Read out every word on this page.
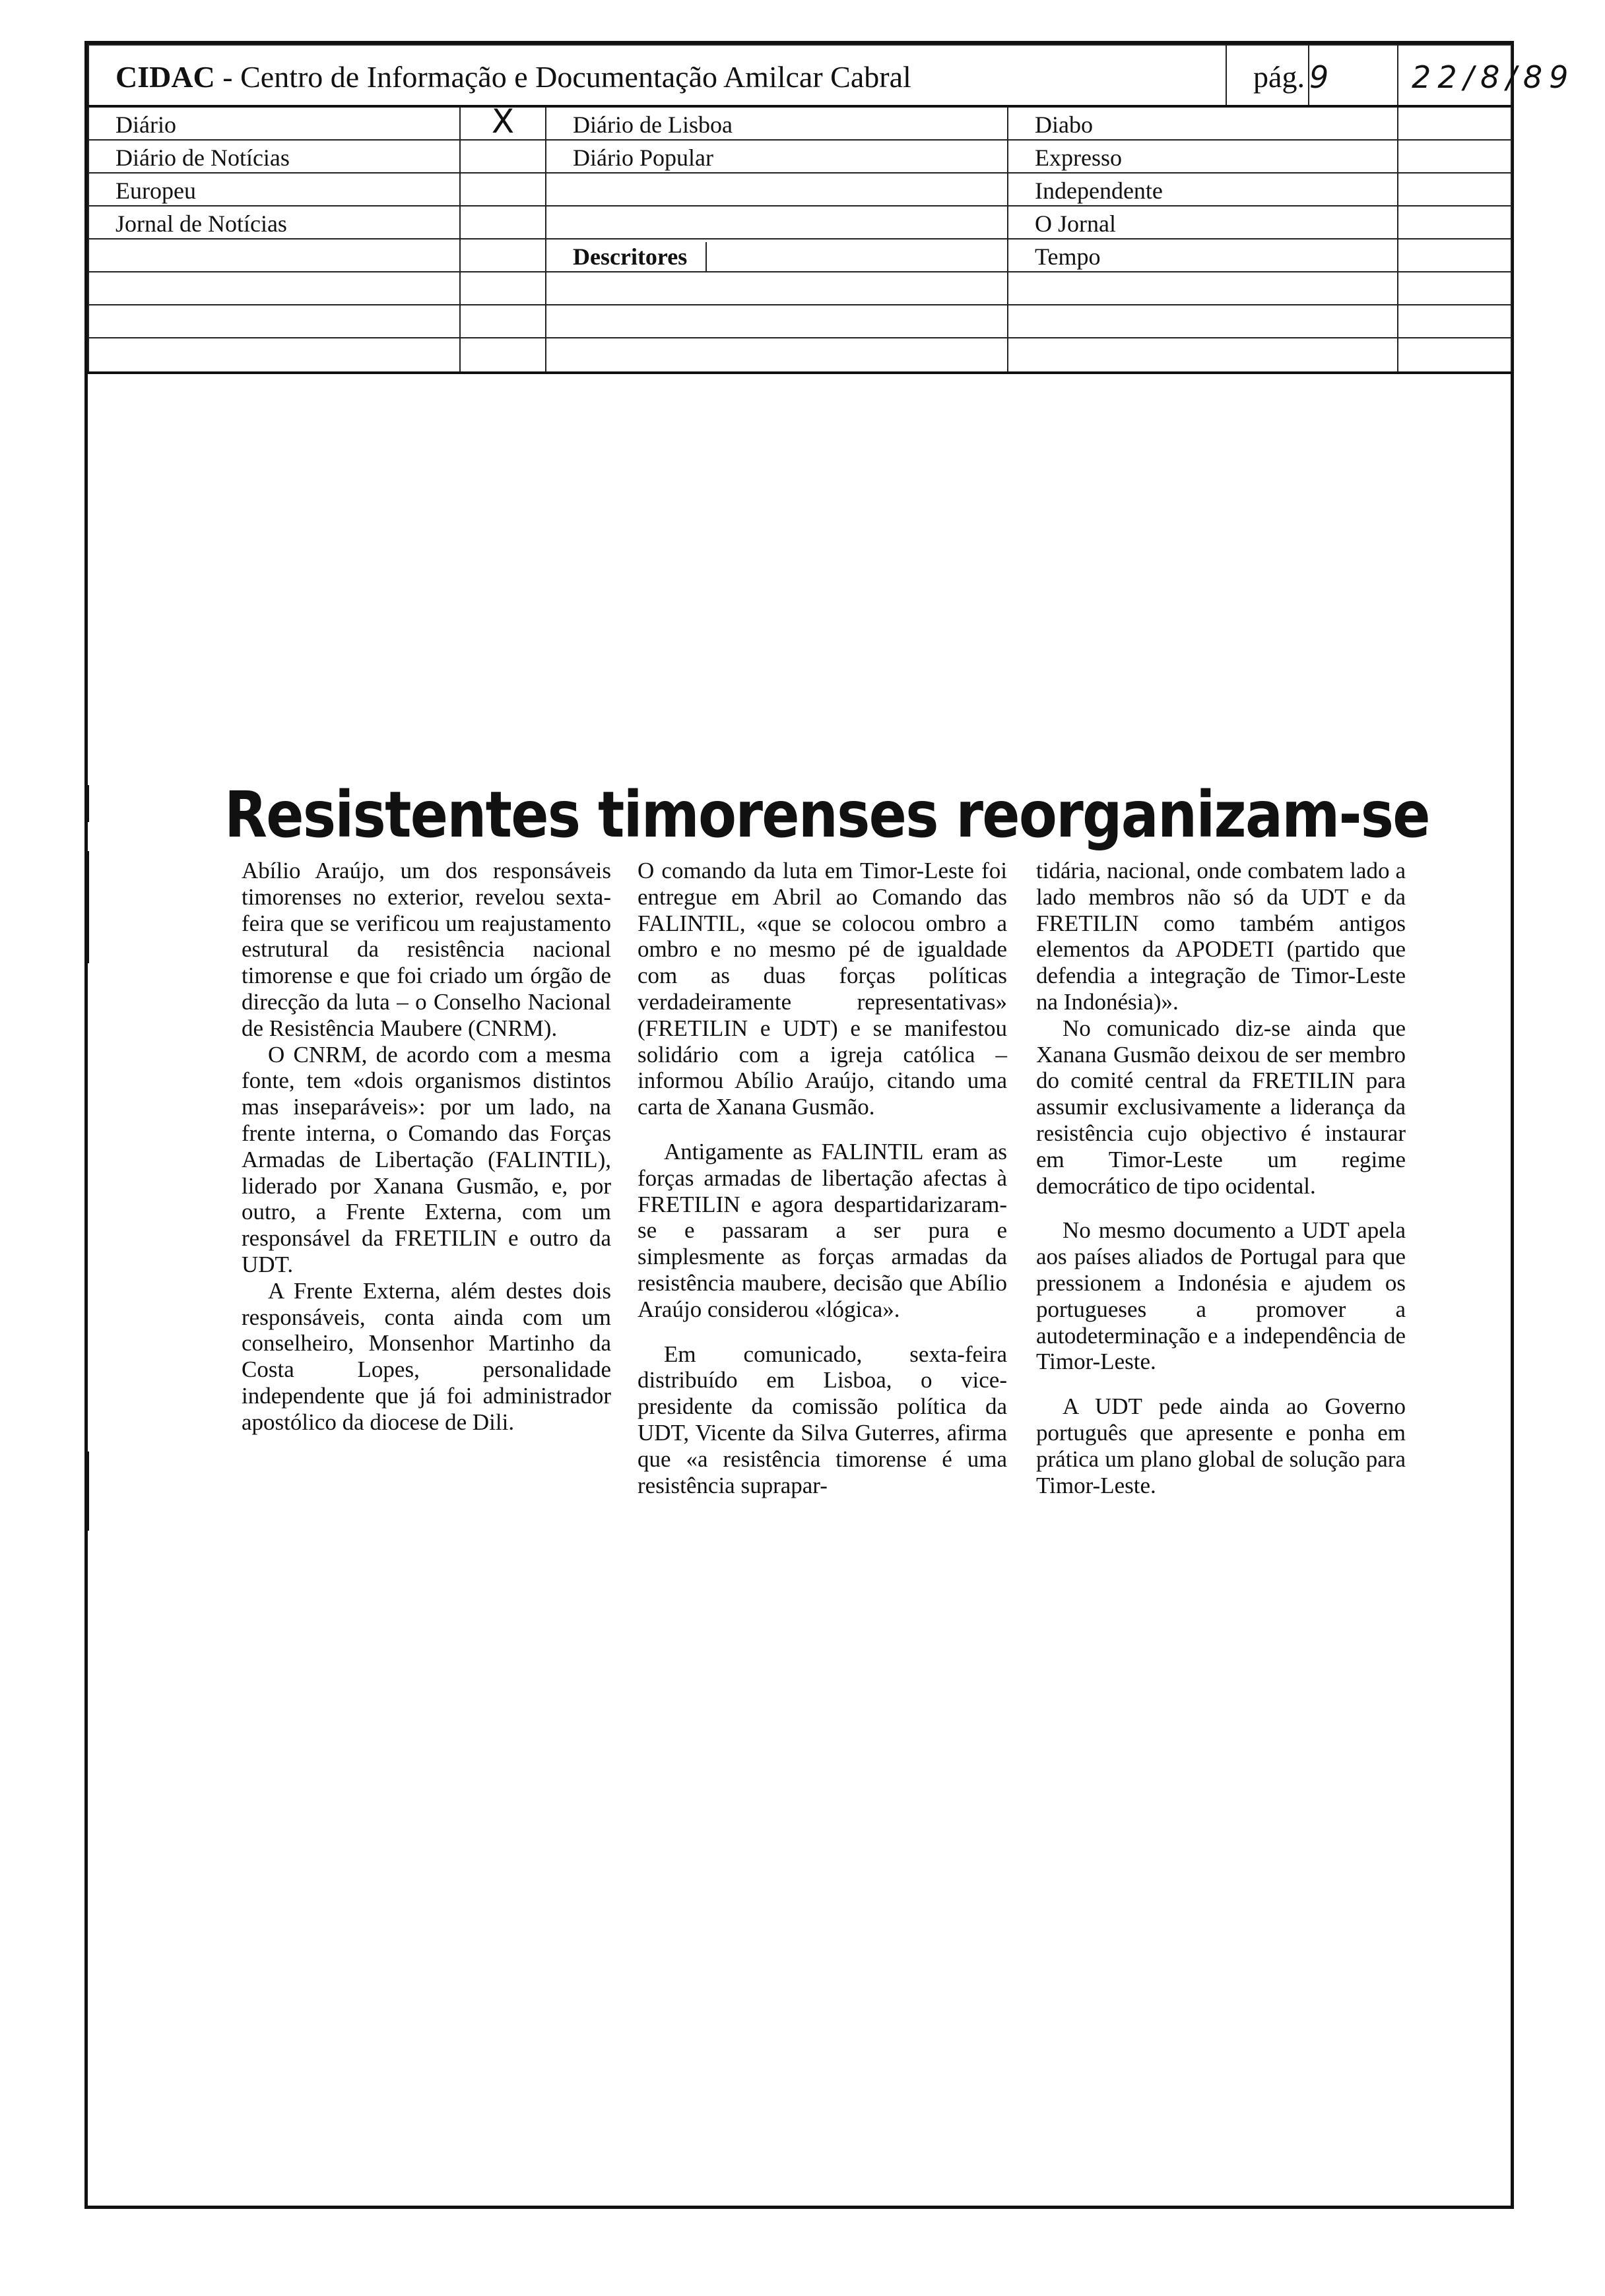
CIDAC - Centro de Informação e Documentação Amilcar Cabral				pág.	9	22/8/89
Diário	X	Diário de Lisboa	Diabo			
Diário de Notícias		Diário Popular	Expresso			
Europeu			Independente			
Jornal de Notícias			O Jornal			
		Descritores	Tempo			

Resistentes timorenses reorganizam-se

Abílio Araújo, um dos responsáveis timorenses no exterior, revelou sexta-feira que se verificou um reajustamento estrutural da resistência nacional timorense e que foi criado um órgão de direcção da luta – o Conselho Nacional de Resistência Maubere (CNRM).

O CNRM, de acordo com a mesma fonte, tem «dois organismos distintos mas inseparáveis»: por um lado, na frente interna, o Comando das Forças Armadas de Libertação (FALINTIL), liderado por Xanana Gusmão, e, por outro, a Frente Externa, com um responsável da FRETILIN e outro da UDT.

A Frente Externa, além destes dois responsáveis, conta ainda com um conselheiro, Monsenhor Martinho da Costa Lopes, personalidade independente que já foi administrador apostólico da diocese de Dili.

O comando da luta em Timor-Leste foi entregue em Abril ao Comando das FALINTIL, «que se colocou ombro a ombro e no mesmo pé de igualdade com as duas forças políticas verdadeiramente representativas» (FRETILIN e UDT) e se manifestou solidário com a igreja católica – informou Abílio Araújo, citando uma carta de Xanana Gusmão.

Antigamente as FALINTIL eram as forças armadas de libertação afectas à FRETILIN e agora despartidarizaram-se e passaram a ser pura e simplesmente as forças armadas da resistência maubere, decisão que Abílio Araújo considerou «lógica».

Em comunicado, sexta-feira distribuído em Lisboa, o vice-presidente da comissão política da UDT, Vicente da Silva Guterres, afirma que «a resistência timorense é uma resistência suprapar-

tidária, nacional, onde combatem lado a lado membros não só da UDT e da FRETILIN como também antigos elementos da APODETI (partido que defendia a integração de Timor-Leste na Indonésia)».

No comunicado diz-se ainda que Xanana Gusmão deixou de ser membro do comité central da FRETILIN para assumir exclusivamente a liderança da resistência cujo objectivo é instaurar em Timor-Leste um regime democrático de tipo ocidental.

No mesmo documento a UDT apela aos países aliados de Portugal para que pressionem a Indonésia e ajudem os portugueses a promover a autodeterminação e a independência de Timor-Leste.

A UDT pede ainda ao Governo português que apresente e ponha em prática um plano global de solução para Timor-Leste.
